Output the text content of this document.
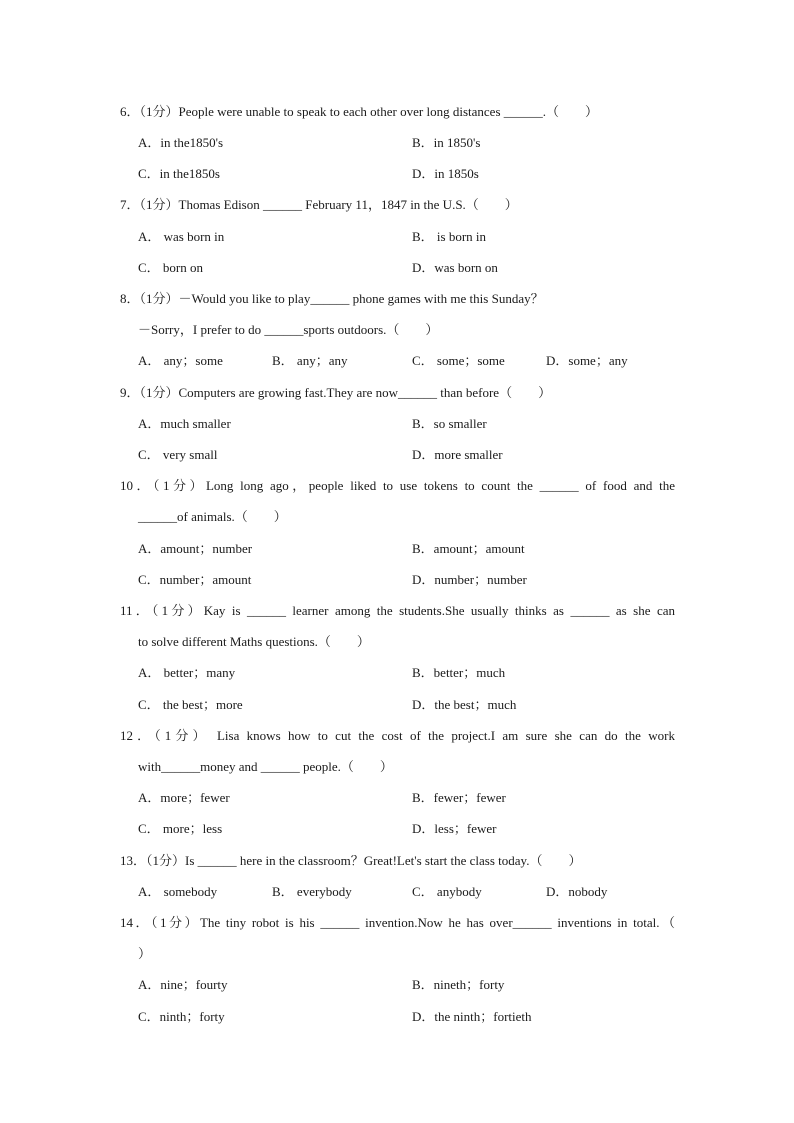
6．（1分）People were unable to speak to each other over long distances ______.（　　）
A．in the1850's	B．in 1850's
C．in the1850s	D．in 1850s
7．（1分）Thomas Edison ______ February 11，1847 in the U.S.（　　）
A． was born in	B． is born in
C． born on	D．was born on
8．（1分）－Would you like to play______ phone games with me this Sunday？
－Sorry，I prefer to do ______sports outdoors.（　　）
A． any；some	B． any；any	C． some；some	D．some；any
9．（1分）Computers are growing fast.They are now______ than before（　　）
A．much smaller	B．so smaller
C． very small	D．more smaller
10．（1分）Long long ago，people liked to use tokens to count the ______ of food and the
______of animals.（　　）
A．amount；number	B．amount；amount
C．number；amount	D．number；number
11．（1分）Kay is ______ learner among the students.She usually thinks as ______ as she can
to solve different Maths questions.（　　）
A． better；many	B．better；much
C． the best；more	D．the best；much
12．（1分） Lisa knows how to cut the cost of the project.I am sure she can do the work
with______money and ______ people.（　　）
A．more；fewer	B．fewer；fewer
C． more；less	D．less；fewer
13．（1分）Is ______ here in the classroom？Great!Let's start the class today.（　　）
A． somebody	B． everybody	C． anybody	D．nobody
14．（1分）The tiny robot is his ______ invention.Now he has over______ inventions in total.（
）
A．nine；fourty	B．nineth；forty
C．ninth；forty	D．the ninth；fortieth
